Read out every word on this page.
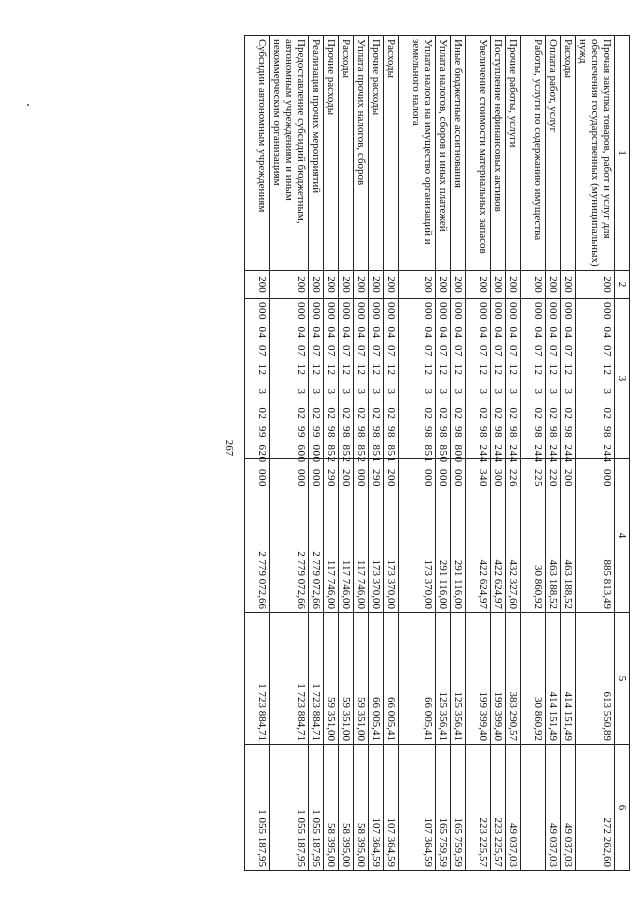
267
1	2	3	4	5	6
Прочая закупка товаров, работ и услуг для обеспечения государственных (муниципальных) нужд	200	000  04  07  12    3    02  98  244  000	885 813,49	613 550,89	272 262,60
Расходы	200	000  04  07  12    3    02  98  244  200	463 188,52	414 151,49	49 037,03
Оплата работ, услуг	200	000  04  07  12    3    02  98  244  220	463 188,52	414 151,49	49 037,03
Работы, услуги по содержанию имущества	200	000  04  07  12    3    02  98  244  225	30 860,92	30 860,92	
Прочие работы, услуги	200	000  04  07  12    3    02  98  244  226	432 327,60	383 290,57	49 037,03
Поступление нефинансовых активов	200	000  04  07  12    3    02  98  244  300	422 624,97	199 399,40	223 225,57
Увеличение стоимости материальных запасов	200	000  04  07  12    3    02  98  244  340	422 624,97	199 399,40	223 225,57
Иные бюджетные ассигнования	200	000  04  07  12    3    02  98  800  000	291 116,00	125 356,41	165 759,59
Уплата налогов, сборов и иных платежей	200	000  04  07  12    3    02  98  850  000	291 116,00	125 356,41	165 759,59
Уплата налога на имущество организаций и земельного налога	200	000  04  07  12    3    02  98  851  000	173 370,00	66 005,41	107 364,59
Расходы	200	000  04  07  12    3    02  98  851  200	173 370,00	66 005,41	107 364,59
Прочие расходы	200	000  04  07  12    3    02  98  851  290	173 370,00	66 005,41	107 364,59
Уплата прочих налогов, сборов	200	000  04  07  12    3    02  98  852  000	117 746,00	59 351,00	58 395,00
Расходы	200	000  04  07  12    3    02  98  852  200	117 746,00	59 351,00	58 395,00
Прочие расходы	200	000  04  07  12    3    02  98  852  290	117 746,00	59 351,00	58 395,00
Реализация прочих мероприятий	200	000  04  07  12    3    02  99  000  000	2 779 072,66	1 723 884,71	1 055 187,95
Предоставление субсидий бюджетным, автономным учреждениям и иным некоммерческим организациям	200	000  04  07  12    3    02  99  600  000	2 779 072,66	1 723 884,71	1 055 187,95
Субсидии автономным учреждениям	200	000  04  07  12    3    02  99  620  000	2 779 072,66	1 723 884,71	1 055 187,95
